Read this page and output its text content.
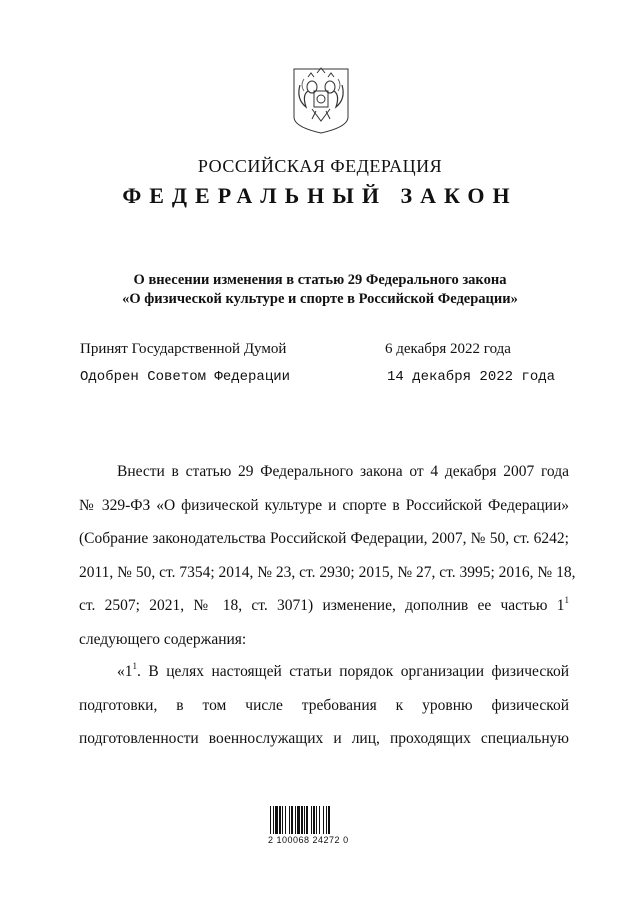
РОССИЙСКАЯ ФЕДЕРАЦИЯ
ФЕДЕРАЛЬНЫЙ ЗАКОН
О внесении изменения в статью 29 Федерального закона
«О физической культуре и спорте в Российской Федерации»
Принят Государственной Думой	6 декабря 2022 года
Одобрен Советом Федерации	14 декабря 2022 года
Внести в статью 29 Федерального закона от 4 декабря 2007 года
№ 329-ФЗ «О физической культуре и спорте в Российской Федерации»
(Собрание законодательства Российской Федерации, 2007, № 50, ст. 6242;
2011, № 50, ст. 7354; 2014, № 23, ст. 2930; 2015, № 27, ст. 3995; 2016, № 18,
ст. 2507; 2021, № 18, ст. 3071) изменение, дополнив ее частью $1^1$
следующего содержания:
«$1^1$. В целях настоящей статьи порядок организации физической
подготовки, в том числе требования к уровню физической
подготовленности военнослужащих и лиц, проходящих специальную
2 100068 24272 0
